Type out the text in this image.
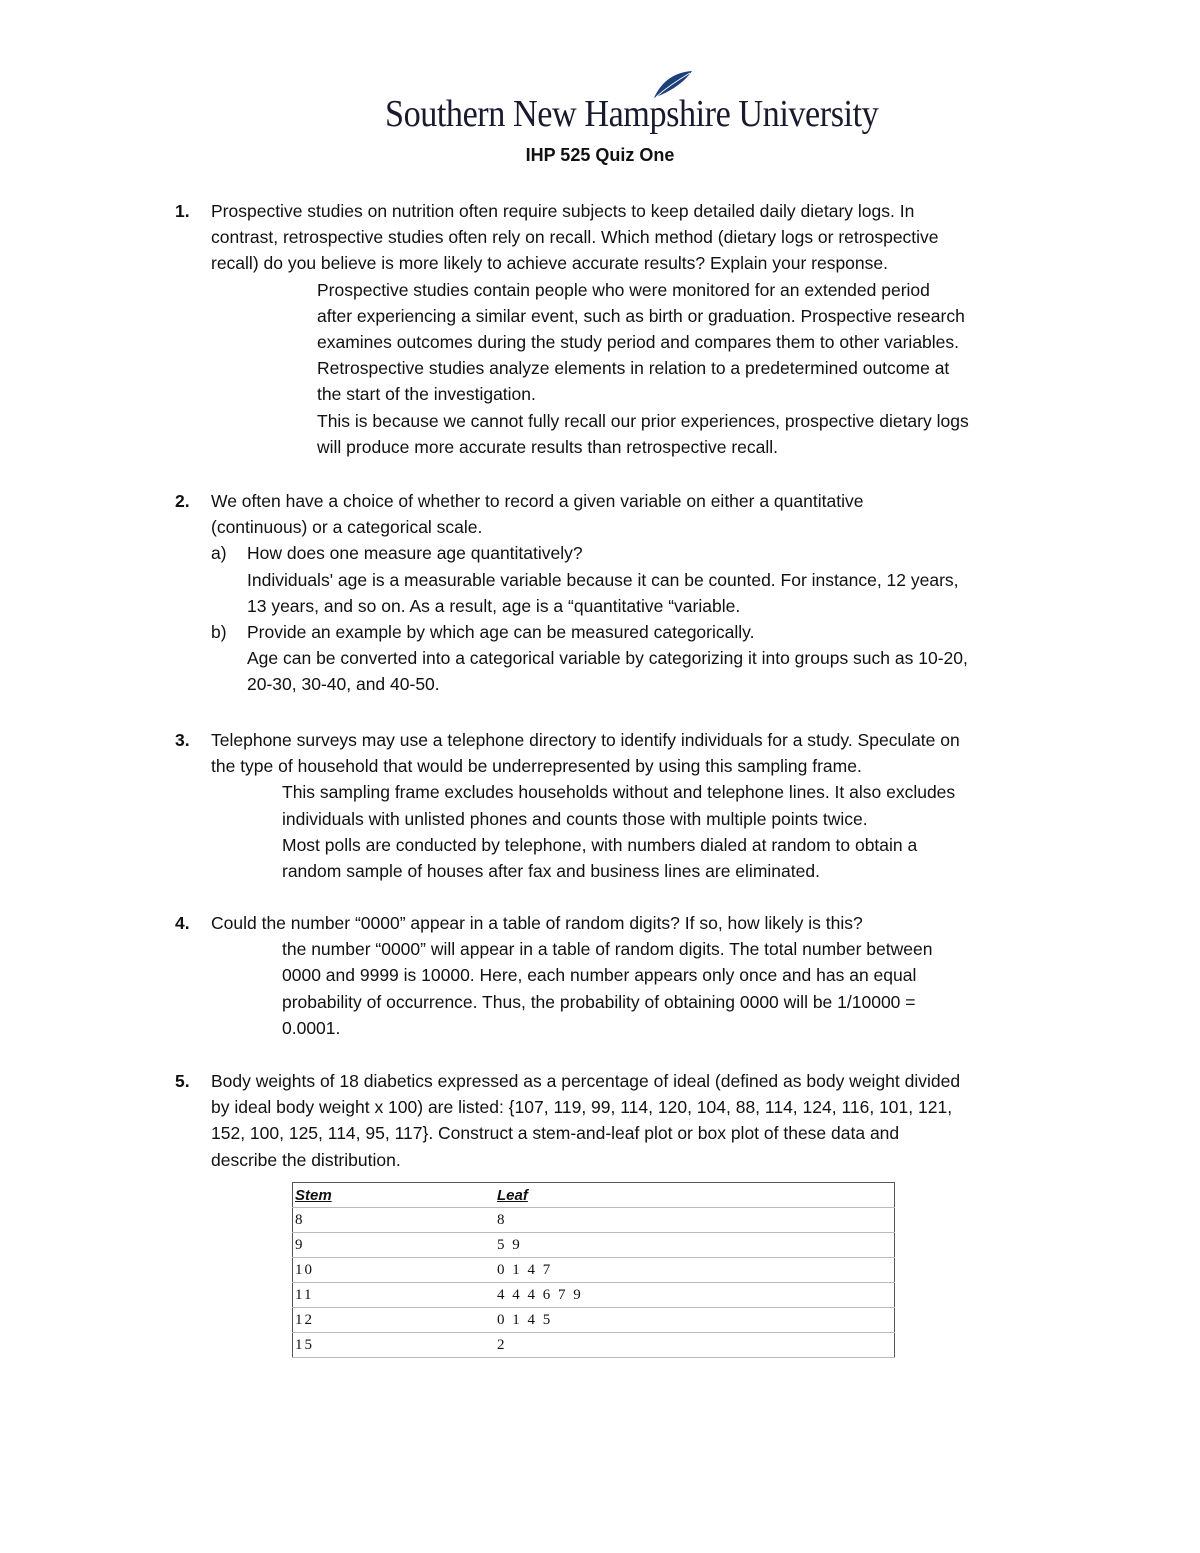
Southern New Hampshire University
IHP 525 Quiz One
1. Prospective studies on nutrition often require subjects to keep detailed daily dietary logs. In
contrast, retrospective studies often rely on recall. Which method (dietary logs or retrospective
recall) do you believe is more likely to achieve accurate results? Explain your response.
Prospective studies contain people who were monitored for an extended period
after experiencing a similar event, such as birth or graduation. Prospective research
examines outcomes during the study period and compares them to other variables.
Retrospective studies analyze elements in relation to a predetermined outcome at
the start of the investigation.
This is because we cannot fully recall our prior experiences, prospective dietary logs
will produce more accurate results than retrospective recall.
2. We often have a choice of whether to record a given variable on either a quantitative
(continuous) or a categorical scale.
a) How does one measure age quantitatively?
Individuals' age is a measurable variable because it can be counted. For instance, 12 years,
13 years, and so on. As a result, age is a “quantitative “variable.
b) Provide an example by which age can be measured categorically.
Age can be converted into a categorical variable by categorizing it into groups such as 10-20,
20-30, 30-40, and 40-50.
3. Telephone surveys may use a telephone directory to identify individuals for a study. Speculate on
the type of household that would be underrepresented by using this sampling frame.
This sampling frame excludes households without and telephone lines. It also excludes
individuals with unlisted phones and counts those with multiple points twice.
Most polls are conducted by telephone, with numbers dialed at random to obtain a
random sample of houses after fax and business lines are eliminated.
4. Could the number “0000” appear in a table of random digits? If so, how likely is this?
the number “0000” will appear in a table of random digits. The total number between
0000 and 9999 is 10000. Here, each number appears only once and has an equal
probability of occurrence. Thus, the probability of obtaining 0000 will be 1/10000 =
0.0001.
5. Body weights of 18 diabetics expressed as a percentage of ideal (defined as body weight divided
by ideal body weight x 100) are listed: {107, 119, 99, 114, 120, 104, 88, 114, 124, 116, 101, 121,
152, 100, 125, 114, 95, 117}. Construct a stem-and-leaf plot or box plot of these data and
describe the distribution.
Stem	Leaf
8	8
9	5 9
10	0 1 4 7
11	4 4 4 6 7 9
12	0 1 4 5
15	2
